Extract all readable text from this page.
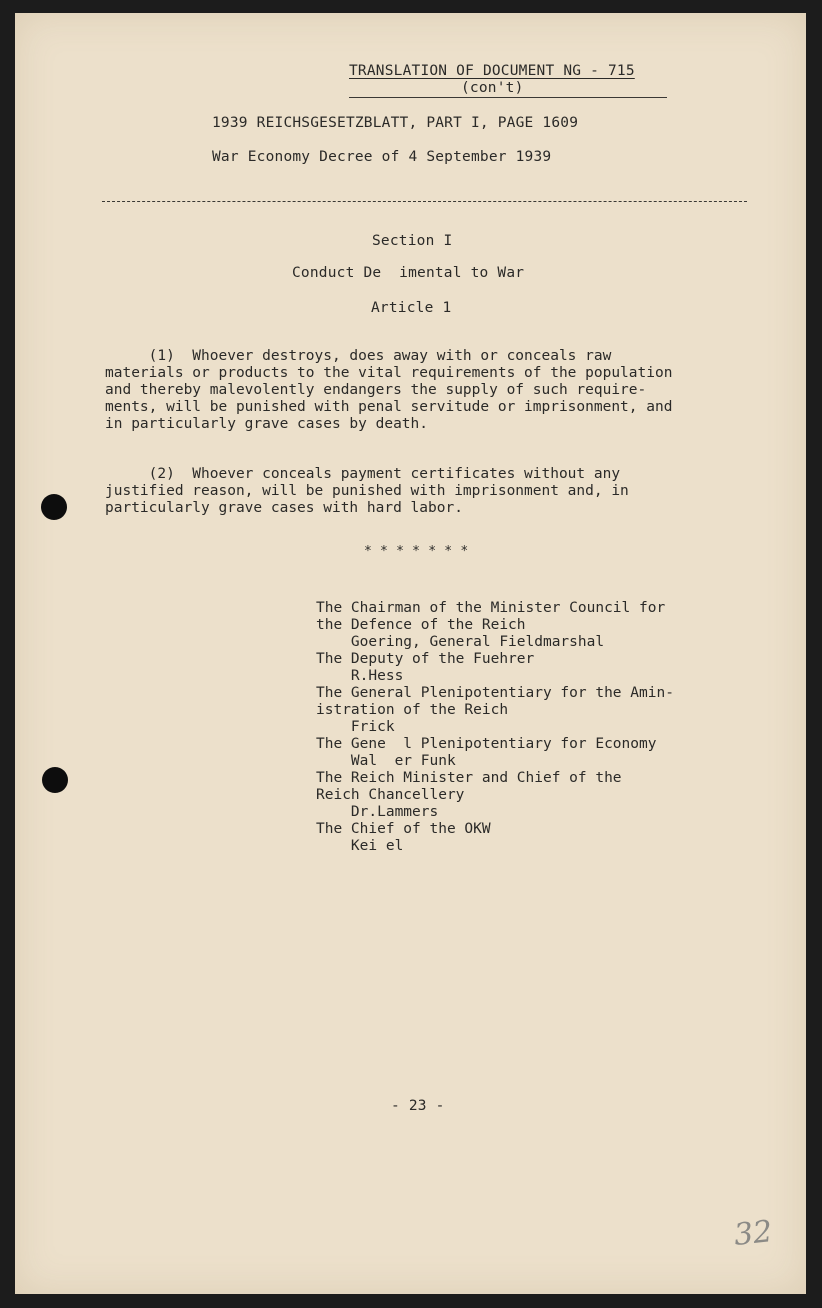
TRANSLATION OF DOCUMENT NG - 715
(con't)
1939 REICHSGESETZBLATT, PART I, PAGE 1609
War Economy Decree of 4 September 1939
Section I
Conduct De  imental to War
Article 1
(1)  Whoever destroys, does away with or conceals raw
materials or products to the vital requirements of the population
and thereby malevolently endangers the supply of such require-
ments, will be punished with penal servitude or imprisonment, and
in particularly grave cases by death.
(2)  Whoever conceals payment certificates without any
justified reason, will be punished with imprisonment and, in
particularly grave cases with hard labor.
* * * * * * *
The Chairman of the Minister Council for
the Defence of the Reich
Goering, General Fieldmarshal
The Deputy of the Fuehrer
R.Hess
The General Plenipotentiary for the Amin-
istration of the Reich
Frick
The Gene  l Plenipotentiary for Economy
Wal  er Funk
The Reich Minister and Chief of the
Reich Chancellery
Dr.Lammers
The Chief of the OKW
Kei el
- 23 -
32
